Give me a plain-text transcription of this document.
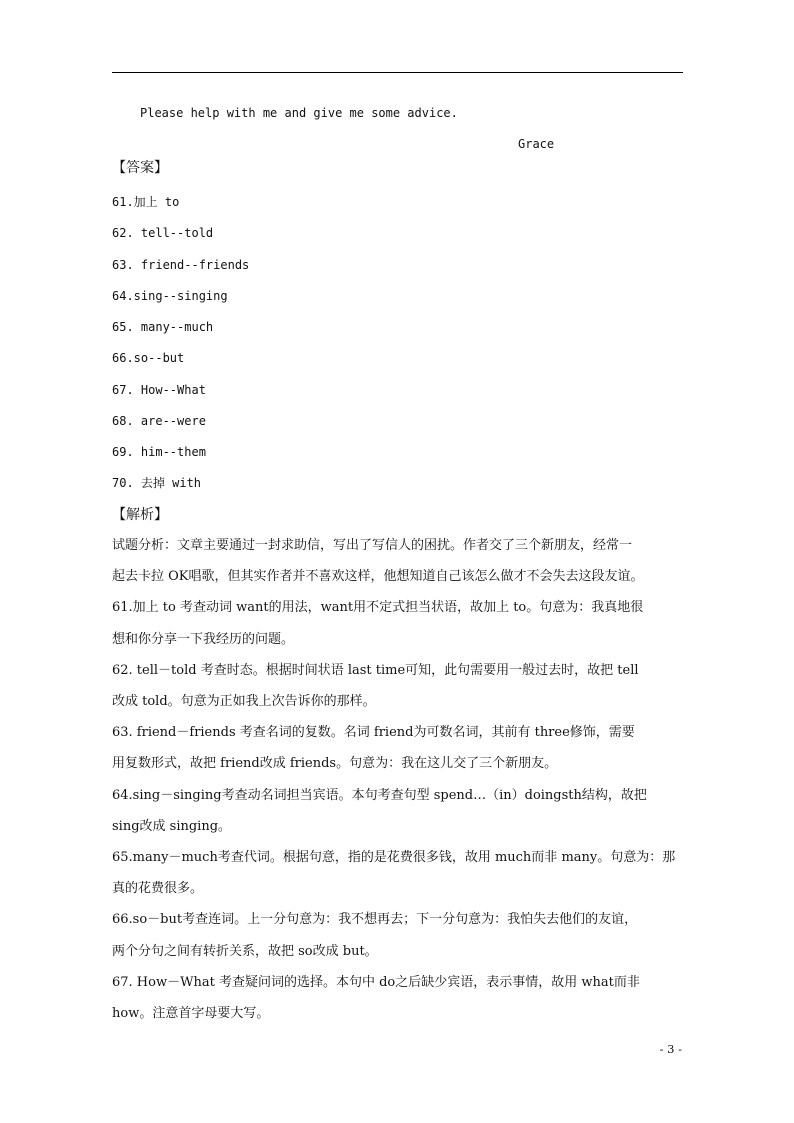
Please help with me and give me some advice.
Grace
【答案】
61.加上 to
62. tell--told
63. friend--friends
64.sing--singing
65. many--much
66.so--but
67. How--What
68. are--were
69. him--them
70. 去掉 with
【解析】
试题分析：文章主要通过一封求助信，写出了写信人的困扰。作者交了三个新朋友，经常一
起去卡拉 OK唱歌，但其实作者并不喜欢这样，他想知道自己该怎么做才不会失去这段友谊。
61.加上 to 考查动词 want的用法，want用不定式担当状语，故加上 to。句意为：我真地很
想和你分享一下我经历的问题。
62. tell－told 考查时态。根据时间状语 last time可知，此句需要用一般过去时，故把 tell
改成 told。句意为正如我上次告诉你的那样。
63. friend－friends 考查名词的复数。名词 friend为可数名词，其前有 three修饰，需要
用复数形式，故把 friend改成 friends。句意为：我在这儿交了三个新朋友。
64.sing－singing考查动名词担当宾语。本句考查句型 spend…（in）doingsth结构，故把
sing改成 singing。
65.many－much考查代词。根据句意，指的是花费很多钱，故用 much而非 many。句意为：那
真的花费很多。
66.so－but考查连词。上一分句意为：我不想再去；下一分句意为：我怕失去他们的友谊，
两个分句之间有转折关系，故把 so改成 but。
67. How－What 考查疑问词的选择。本句中 do之后缺少宾语，表示事情，故用 what而非
how。注意首字母要大写。
- 3 -
